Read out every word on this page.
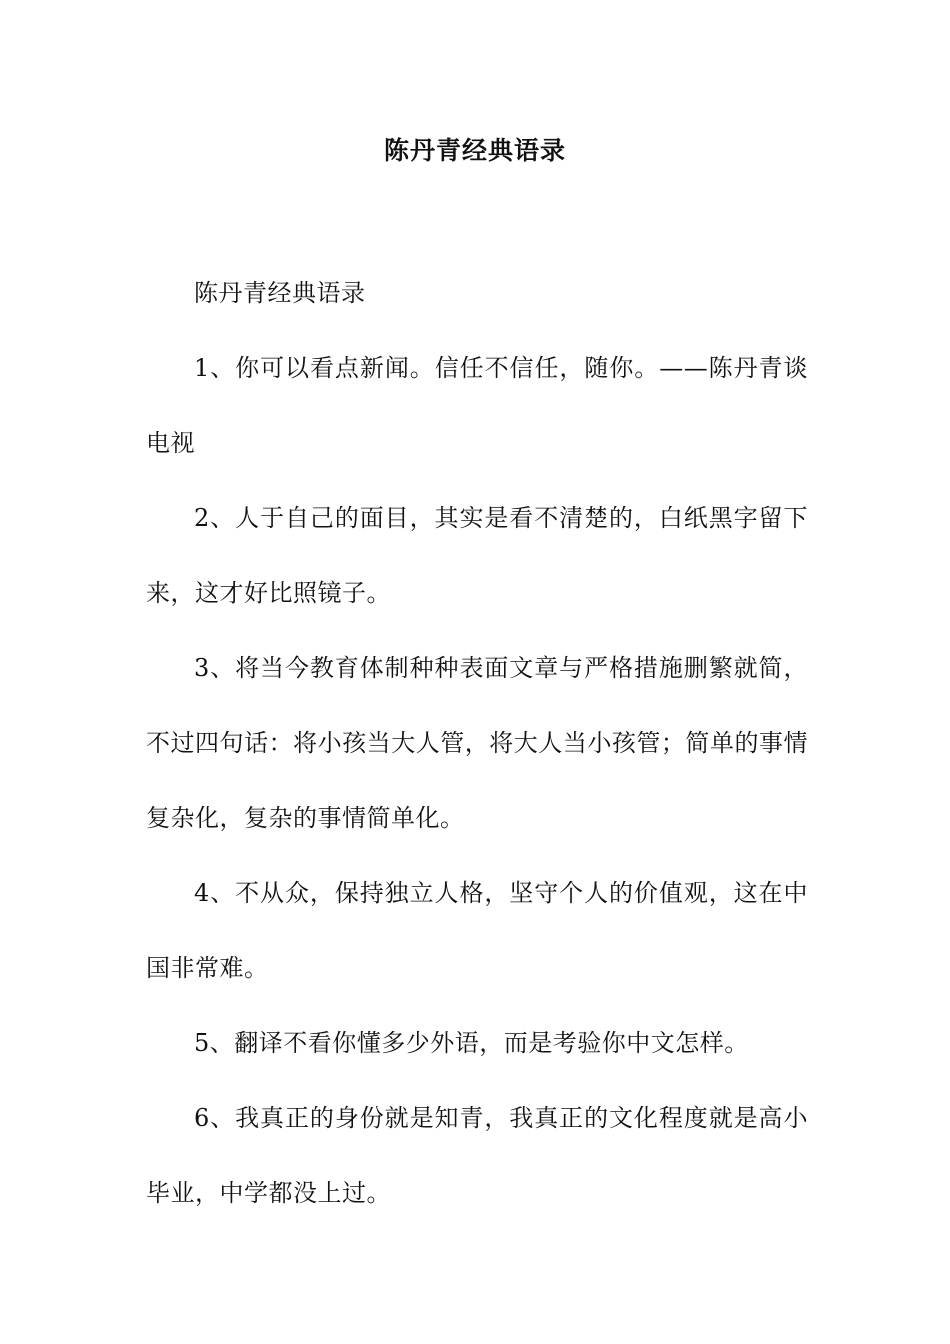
陈丹青经典语录

陈丹青经典语录

1、你可以看点新闻。信任不信任，随你。——陈丹青谈电视

2、人于自己的面目，其实是看不清楚的，白纸黑字留下来，这才好比照镜子。

3、将当今教育体制种种表面文章与严格措施删繁就简，不过四句话：将小孩当大人管，将大人当小孩管；简单的事情复杂化，复杂的事情简单化。

4、不从众，保持独立人格，坚守个人的价值观，这在中国非常难。

5、翻译不看你懂多少外语，而是考验你中文怎样。

6、我真正的身份就是知青，我真正的文化程度就是高小毕业，中学都没上过。
